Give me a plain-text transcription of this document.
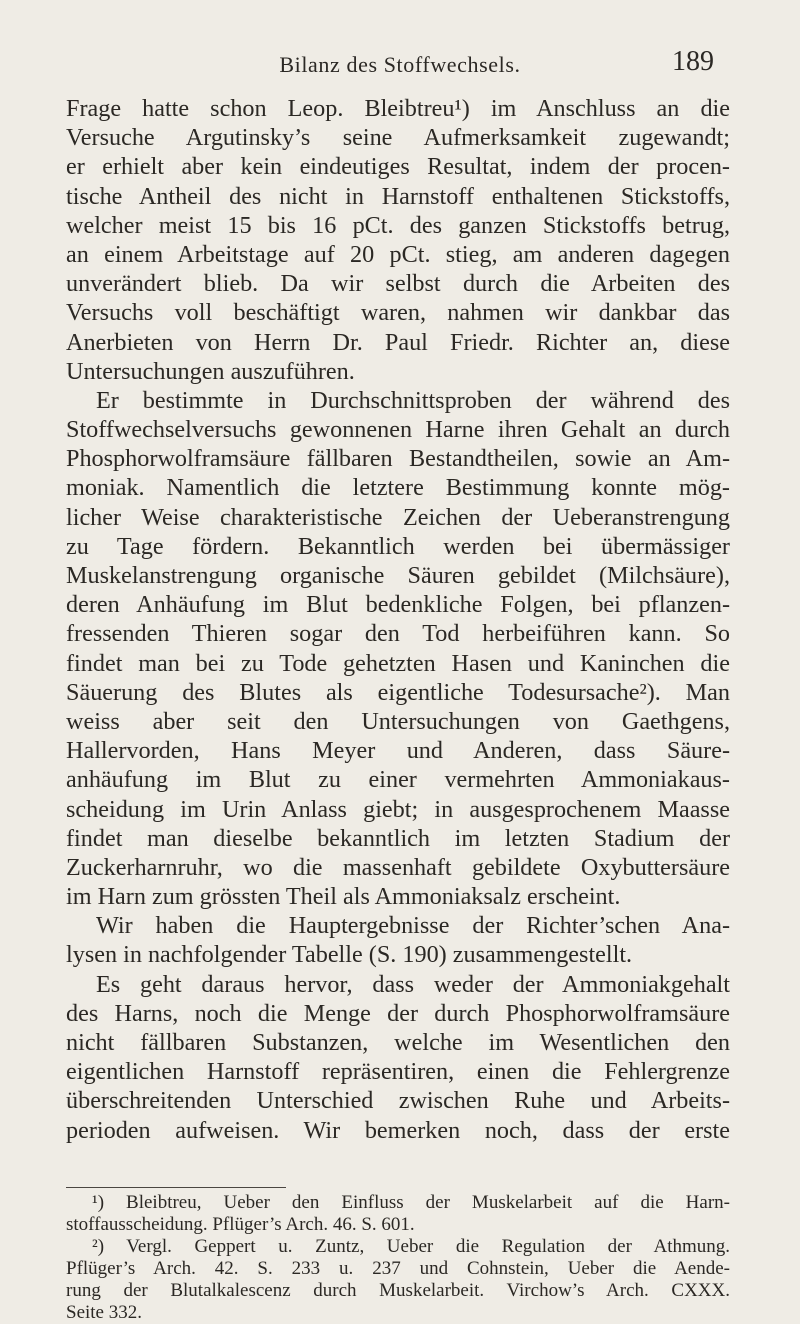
Bilanz des Stoffwechsels.	189
Frage hatte schon Leop. Bleibtreu¹) im Anschluss an die
Versuche Argutinsky’s seine Aufmerksamkeit zugewandt;
er erhielt aber kein eindeutiges Resultat, indem der procen-
tische Antheil des nicht in Harnstoff enthaltenen Stickstoffs,
welcher meist 15 bis 16 pCt. des ganzen Stickstoffs betrug,
an einem Arbeitstage auf 20 pCt. stieg, am anderen dagegen
unverändert blieb. Da wir selbst durch die Arbeiten des
Versuchs voll beschäftigt waren, nahmen wir dankbar das
Anerbieten von Herrn Dr. Paul Friedr. Richter an, diese
Untersuchungen auszuführen.
Er bestimmte in Durchschnittsproben der während des
Stoffwechselversuchs gewonnenen Harne ihren Gehalt an durch
Phosphorwolframsäure fällbaren Bestandtheilen, sowie an Am-
moniak. Namentlich die letztere Bestimmung konnte mög-
licher Weise charakteristische Zeichen der Ueberanstrengung
zu Tage fördern. Bekanntlich werden bei übermässiger
Muskelanstrengung organische Säuren gebildet (Milchsäure),
deren Anhäufung im Blut bedenkliche Folgen, bei pflanzen-
fressenden Thieren sogar den Tod herbeiführen kann. So
findet man bei zu Tode gehetzten Hasen und Kaninchen die
Säuerung des Blutes als eigentliche Todesursache²). Man
weiss aber seit den Untersuchungen von Gaethgens,
Hallervorden, Hans Meyer und Anderen, dass Säure-
anhäufung im Blut zu einer vermehrten Ammoniakaus-
scheidung im Urin Anlass giebt; in ausgesprochenem Maasse
findet man dieselbe bekanntlich im letzten Stadium der
Zuckerharnruhr, wo die massenhaft gebildete Oxybuttersäure
im Harn zum grössten Theil als Ammoniaksalz erscheint.
Wir haben die Hauptergebnisse der Richter’schen Ana-
lysen in nachfolgender Tabelle (S. 190) zusammengestellt.
Es geht daraus hervor, dass weder der Ammoniakgehalt
des Harns, noch die Menge der durch Phosphorwolframsäure
nicht fällbaren Substanzen, welche im Wesentlichen den
eigentlichen Harnstoff repräsentiren, einen die Fehlergrenze
überschreitenden Unterschied zwischen Ruhe und Arbeits-
perioden aufweisen. Wir bemerken noch, dass der erste
¹) Bleibtreu, Ueber den Einfluss der Muskelarbeit auf die Harn-
stoffausscheidung. Pflüger’s Arch. 46. S. 601.
²) Vergl. Geppert u. Zuntz, Ueber die Regulation der Athmung.
Pflüger’s Arch. 42. S. 233 u. 237 und Cohnstein, Ueber die Aende-
rung der Blutalkalescenz durch Muskelarbeit. Virchow’s Arch. CXXX.
Seite 332.
